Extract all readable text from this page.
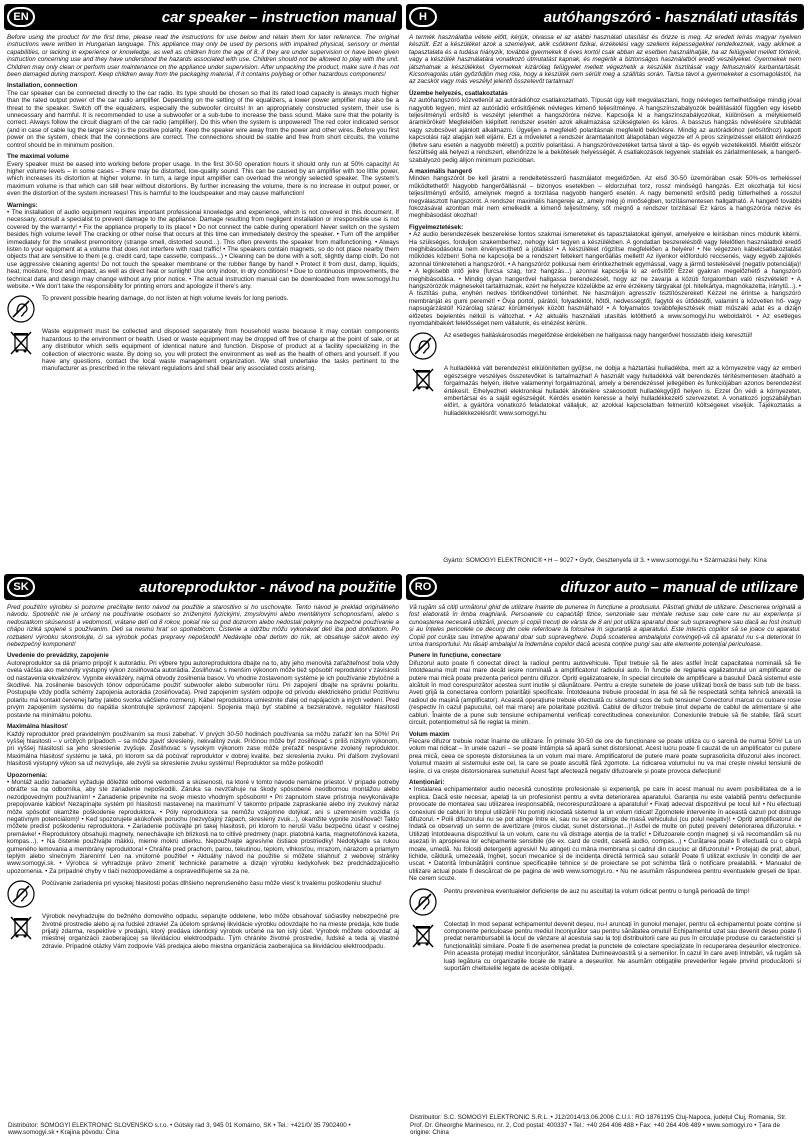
EN	car speaker – instruction manual

Before using the product for the first time, please read the instructions for use below and retain them for later reference. The original instructions were written in Hungarian language. This appliance may only be used by persons with impaired physical, sensory or mental capabilities, or lacking in experience or knowledge, as well as children from the age of 8, if they are under supervision or have been given instruction concerning use and they have understood the hazards associated with use. Children should not be allowed to play with the unit. Children may only clean or perform user maintenance on the appliance under supervision. After unpacking the product, make sure it has not been damaged during transport. Keep children away from the packaging material, if it contains polybag or other hazardous components!

Installation, connection
The car speaker can be connected directly to the car radio. Its type should be chosen so that its rated load capacity is always much higher than the rated output power of the car radio amplifier. Depending on the setting of the equalizers, a lower power amplifier may also be a threat to the speaker. Switch off the equalizers, especially the subwoofer circuits! In an appropriately constructed system, their use is unnecessary and harmful. It is recommended to use a subwoofer or a sub-tube to increase the bass sound. Make sure that the polarity is correct. Always follow the circuit diagram of the car radio (amplifier). Do this when the system is unpowered! The red color indicated sensor (and in case of cable lug the larger size) is the positive polarity. Keep the speaker wire away from the power and other wires. Before you first power on the system, check that the connections are correct. The connections should be stable and free from short circuits, the volume control should be in minimum position.
The maximal volume
Every speaker must be eased into working before proper usage. In the first 30-50 operation hours it should only run at 50% capacity! At higher volume levels – in some cases – there may be distorted, low-quality sound. This can be caused by an amplifier with too little power, which increases its distortion at higher volume. In turn, a large input amplifier can overload the wrongly selected speaker. The system's maximum volume is that which can still hear without distortions. By further increasing the volume, there is no increase in output power, or even the distortion of the system increases! This is harmful to the loudspeaker and may cause malfunction!
Warnings:
• The installation of audio equipment requires important professional knowledge and experience, which is not covered in this document. If necessary, consult a specialist to prevent damage to the appliance. Damage resulting from negligent installation or irresponsible use is not covered by the warranty! • Fix the appliance properly to its place! • Do not connect the cable during operation! Never switch on the system besides high volume level! The cracking or other noise that occurs at this time can immediately destroy the speaker. • Turn off the amplifier immediately for the smallest premonitory (strange smell, distorted sound...). This often prevents the speaker from malfunctioning. • Always listen to your equipment at a volume that does not interfere with road traffic! • The speakers contain magnets, so do not place nearby them objects that are sensitive to them (e.g. credit card, tape cassette, compass...) • Cleaning can be done with a soft, slightly damp cloth. Do not use aggressive cleaning agents! Do not touch the speaker membrane or the rubber flange by hand! • Protect it from dust, damp, liquids, heat, moisture, frost and impact, as well as direct heat or sunlight! Use only indoor, in dry conditions! • Due to continuous improvements, the technical data and design may change without any prior notice. • The actual instruction manual can be downloaded from www.somogyi.hu website. • We don't take the responsibility for printing errors and apologize if there's any.
To prevent possible hearing damage, do not listen at high volume levels for long periods.
Waste equipment must be collected and disposed separately from household waste because it may contain components hazardous to the environment or health. Used or waste equipment may be dropped off free of charge at the point of sale, or at any distributor which sells equipment of identical nature and function. Dispose of product at a facility specializing in the collection of electronic waste. By doing so, you will protect the environment as well as the health of others and yourself. If you have any questions, contact the local waste management organization. We shall undertake the tasks pertinent to the manufacturer as prescribed in the relevant regulations and shall bear any associated costs arising.
H	autóhangszóró - használati utasítás

A termék használatba vétele előtt, kérjük, olvassa el az alábbi használati utasítást és őrizze is meg. Az eredeti leírás magyar nyelven készült. Ezt a készüléket azok a személyek, akik csökkent fizikai, érzékelési vagy szellemi képességekkel rendelkeznek, vagy akiknek a tapasztalata és a tudása hiányzik, továbbá gyermekek 8 éves kortól csak abban az esetben használhatják, ha az felügyelet mellett történik, vagy a készülék használatára vonatkozó útmutatást kapnak, és megértik a biztonságos használatból eredő veszélyeket. Gyermekek nem játszhatnak a készülékkel. Gyermekek kizárólag felügyelet mellett végezhetik a készülék tisztítását vagy felhasználói karbantartását. Kicsomagolás után győződjön meg róla, hogy a készülék nem sérült meg a szállítás során. Tartsa távol a gyermekeket a csomagolástól, ha az zacskót vagy más veszélyt jelentő összetevőt tartalmaz!

Üzembe helyezés, csatlakoztatás
Az autóhangszóró közvetlenül az autórádióhoz csatlakoztatható. Típusát úgy kell megválasztani, hogy névleges terhelhetősége mindig jóval nagyobb legyen, mint az autórádió erősítőjének névleges kimenő teljesítménye. A hangszínszabályozók beállításától függően egy kisebb teljesítményű erősítő is veszélyt jelenthet a hangszóróra nézve. Kapcsolja ki a hangszínszabályozókat, különösen a mélykiemelő áramköröket! Megfelelően kiépített rendszer esetén azok alkalmazása szükségtelen és káros. A basszus hangzás növelésére szubládát vagy szubcsövet ajánlott alkalmazni. Ügyeljen a megfelelő polaritásnak megfelelő bekötésre. Mindig az autórádióhoz (erősítőhoz) kapott kapcsolási rajz alapján kell eljárni. Ezt a műveletet a rendszer áramtalanított állapotában végezze el! A piros színjelzéssel ellátott érintkező (illetve saru esetén a nagyobb méretű) a pozitív polaritású. A hangszóróvezetéket tartsa távol a táp- és egyéb vezetékektől. Mielőtt először feszültség alá helyezi a rendszert, ellenőrizze le a bekötések helyességét. A csatlakozások legyenek stabilak és zárlatmentesek, a hangerő-szabályozó pedig álljon minimum pozícióban.
A maximális hangerő
Minden hangszórót be kell járatni a rendeltetésszerű használatot megelőzően. Az első 30-50 üzemórában csak 50%-os terheléssel működtethető! Nagyobb hangerőállásnál – bizonyos esetekben – eldorzulhat torz, rossz minőségű hangzás. Ezt okozhatja túl kicsi teljesítményű erősítő, amelynek megnő a torzítása nagyobb hangerő esetén. A nagy bemenetű erősítő pedig túlterhelheti a rosszul megválasztott hangszórót. A rendszer maximális hangereje az, amely még jó minőségben, torzításmentesen hallgatható. A hangerő további fokozásával azonban már nem emelkedik a kimenő teljesítmény, sőt megnő a rendszer torzítása! Ez káros a hangszóróra nézve és meghibásodást okozhat!
Figyelmeztetések:
• Az audio berendezések beszerelése fontos szakmai ismereteket és tapasztalatokat igényel, amelyekre e leírásban nincs módunk kitérni. Ha szükséges, forduljon szakemberhez, nehogy kárt tegyen a készülékben. A gondatlan beszerelésből vagy felelőtlen használatból eredő meghibásodásokra nem érvényesíthető a jótállás! • A készüléket rögzítse megfelelően a helyére! • Ne végezzen kábelcsatlakoztatást működés közben! Soha ne kapcsolja be a rendszert feltekert hangerőállás mellett! Az ilyenkor előforduló reccsenés, vagy egyéb zajlókés azonnal tönkreteheti a hangszórót. • A hangszóróz polikusai nem érintkezhetnek egymással, vagy a jármű testelésével (negatív potenciálja)! • A legkisebb intő jelre (furcsa szag, torz hangzás...) azonnal kapcsolja ki az erősítőt! Ezzel gyakran megelőzhető a hangszóró meghibásodása. • Mindig olyan hangerővel hallgassa berendezését, hogy az ne zavarja a közúti forgalomban való részvételét! • A hangszórózók mágneseket tartalmaznak, ezért ne helyezze közelükbe az erre érzékeny tárgyakat (pl. hitelkártya, magnókazetta, iránytű...). • A tisztítás puha, enyhén nedves törlőkendővel történhet. Ne használjon agresszív tisztítószereket! Kézzel ne érintse a hangszóró membránját és gumi peremét! • Óvja portól, párától, folyadéktól, hőtől, nedvességtől, fagytól és ütődéstől, valamint a közvetlen hő- vagy napsugárzástól! Kizárólag száraz körülmények között használható! • A folyamatos továbbfejlesztések miatt műszaki adat és a dizájn előzetes bejelentés nélkül is változhat. • Az aktuális használati utasítás letölthető a www.somogyi.hu weboldalról. • Az esetleges nyomdahibákért felelősséget nem vállalunk, és elnézést kérünk.
Az esetleges halláskárosodás megelőzése érdekében ne hallgassa nagy hangerővel hosszabb ideig keresztül!
A hulladékká vált berendezést elkülönítetten gyűjtse, ne dobja a háztartási hulladékba, mert az a környezetre vagy az emberi egészségre veszélyes összetevőket is tartalmazhat! A használt vagy hulladékká vált berendezés térítésmentesen átadható a forgalmazás helyén, illetve valamennyi forgalmazónál, amely a berendezéssel jellegében és funkciójában azonos berendezést értékesít. Elhelyezheti elektronikai hulladék átvételére szakosodott hulladékgyűjtő helyen is. Ezzel Ön védi a környezetet, embertársai és a saját egészségét. Kérdés esetén keresse a helyi hulladékkezelő szervezetet. A vonatkozó jogszabályban előírt, a gyártóra vonatkozó feladatokat vállaljuk, az azokkal kapcsolatban felmerülő költségeket viseljük. Tájékoztatás a hulladékkezelésről: www.somogyi.hu
Gyártó: SOMOGYI ELEKTRONIC® • H – 9027 • Győr, Gesztenyefa út 3. • www.somogyi.hu • Származási hely: Kína
SK	autoreproduktor - návod na použitie

Pred použitím výrobku si pozorne prečítajte tento návod na použitie a starostlivo si ho uschovajte. Tento návod je preklad originálneho návodu. Spotrebič nie je určený na používanie osobami so zníženými fyzickými, zmyslovými alebo mentálnymi schopnosťami, alebo s nedostatkom skúseností a vedomostí, vrátane detí od 8 rokov, pokiaľ nie sú pod dozorom alebo nedostali pokyny na bezpečné používanie a chápu riziká spojené s používaním. Deti sa nesmú hrať so spotrebičom. Čistenie a údržbu môžu vykonávať deti iba pod dohľadom. Po rozbalení výrobku skontrolujte, či sa výrobok počas prepravy nepoškodil! Nedávajte obal deťom do rúk, ak obsahuje sáčok alebo iný nebezpečný komponent!

Uvedenie do prevádzky, zapojenie
Autoreproduktor sa dá priamo pripojiť k autorádiu. Pri výbere typu autoreproduktora dbajte na to, aby jeho menovitá zaťažiteľnosť bola vždy ovela väčšia ako menovitý výstupný výkon zosilňovača autorádia. Zosilňovač s menším výkonom môže tiež spôsobiť reproduktor v závislosti od nastavenia ekvalizérov. Vypnite ekvalizéry, najmä obvody zosilnenia basov. Vo vhodne zostavenom systéme je ich používanie zbytočné a škodlivé. Na zosilnenie basových tónov odporúčame použiť subwoofer alebo subwoofer rúru. Pri zapojení dbajte na správnu polaritu. Postupujte vždy podľa schémy zapojenia autorádia (zosilňovača). Pred zapojením systém odpojte od prívodu elektrického prúdu! Pozitívnu polaritu má kontakt červenej farby (alebo svorka väčšieho rozmeru). Kábel reproduktora umiestnite ďalej od napájacích a iných vedení. Pred prvým zapojením systému do napätia skontrolujte správnosť zapojení. Spojenia majú byť stabilné a bezskratové, regulátor hlasitosti postavte na minimálnu polohu.
Maximálna hlasitosť
Každý reproduktor pred pravidelným používaním sa musí zabehať. V prvých 30-50 hodinách používania sa môžu zaťažiť len na 50%! Pri vyššej hlasitosti – v určitých prípadoch – sa môže zjaviť skreslený, nekvalitný zvuk. Príčinou môže byť zosilňovač s príliš nízkym výkonom, pri vyššej hlasitosti sa jeho skreslenie zvyšuje. Zosilňovač s vysokým výkonom zase môže preťažiť nesprávne zvolený reproduktor. Maximálna hlasitosť systému je taká, pri ktorom sa dá počúvať reproduktor v dobrej kvalite, bez skreslenia zvuku. Pri ďalšom zvyšovaní hlasitosti výstupný výkon sa už nezvyšuje, ale zvýši sa skreslenie zvuku systému! Reproduktor sa môže poškodiť!
Upozornenia:
• Montáž audio zariadení vyžaduje dôležité odborné vedomosti a skúsenosti, na ktoré v tomto návode nemáme priestor. V prípade potreby obráťte sa na odborníka, aby ste zariadenie nepoškodili. Záruka sa nevzťahuje na škody spôsobené neodbornou montážou alebo nezodpovedným používaním! • Zariadenie pripevnite na svoje miesto vhodným spôsobom! • Pri zapnutom stave prístroja nevykonávajte prepojovanie káblov! Nezapínajte systém pri hlasitosti nastavenej na maximum! V takomto prípade zapraskanie alebo iný zvukový náraz môže spôsobiť okamžite poškodenie reproduktora. • Póly reproduktora sa nemôžu vzájomne dotýkať, ani s uzemnením vozidla (s negatívnym potenciálom)! • Keď spozorujete akúkoľvek poruchu (nezvyčajný zápach, skreslený zvuk...), okamžite vypnite zosilňovač! Takto môžete predísť poškodeniu reproduktora. • Zariadenie počúvajte pri takej hlasitosti, pri ktorom to neruší Vašu bezpečnú účasť v cestnej premávke! • Reproduktory obsahujú magnety, nenechávajte ich blízkosti na to citlivé predmety (napr. platobná karta, magnetofónová kazeta, kompas...). • Na čistenie používajte mäkkú, mierne mokrú utierku. Nepoužívajte agresívne čistiace prostriedky! Nedotýkajte sa rukou gumeného lemovania a membrány reproduktora! • Chráňte pred prachom, parou, tekutinou, teplom, vlhkosťou, mrazom, nárazom a priamym teplým alebo slnečným žiarením! Len na vnútorné použitie! • Aktuálny návod na použitie si môžete stiahnuť z webovej stránky www.somogyi.sk. • Výrobca si vyhradzuje právo zmeniť technické parametre a dizajn výrobku kedykoľvek bez predchádzajúceho upozornenia. • Za prípadné chyby v tlači nezodpovedáme a ospravedlňujeme sa za ne.
Počúvanie zariadenia pri vysokej hlasitosti počas dlhšieho neprerušeného času môže viesť k trvalému poškodeniu sluchu!
Výrobok nevyhadzujte do bežného domového odpadu, separujte oddelene, lebo môže obsahovať súčiastky nebezpečné pre životné prostredie alebo aj na ľudské zdravie! Za účelom správnej likvidácie výrobku odovzdajte ho na mieste predaja, kde bude prijatý zdarma, respektíve v predajni, ktorý predáva identický výrobok určené na ten istý účel. Výrobok môžete odovzdať aj miestnej organizácii zaoberajúcej sa likvidáciou elektroodpadu. Tým chránite životné prostredie, ľudské a teda aj vlastné zdravie. Prípadné otázky Vám zodpovie Váš predajca alebo miestna organizácia zaoberajúca sa likvidáciou elektroodpadu.
Distribútor: SOMOGYI ELEKTRONIC SLOVENSKO s.r.o. • Gútsky rad 3, 945 01 Komárno, SK • Tel.: +421/0/ 35 7902400 • www.somogyi.sk • Krajina pôvodu: Čína
RO	difuzor auto – manual de utilizare

Vă rugăm să citiți următorul ghid de utilizare înainte de punerea în funcțiune a produsului. Păstrați ghidul de utilizare. Descrierea originală a fost elaborată în limba maghiară. Persoanele cu capacități fizice, senzoriale sau mintale reduse sau cele care nu au experiența și cunoașterea necesară utilizării, precum și copiii trecuți de vârsta de 8 ani pot utiliza aparatul doar sub supraveghere sau dacă au fost instruiți și au înțeles pericolele ce decurg din cele referitoare la folosirea în siguranță a aparatului. Este interzis copiilor să se joace cu aparatul. Copiii pot curăța sau întreține aparatul doar sub supraveghere. După scoaterea ambalajului convingeți-vă că aparatul nu s-a deteriorat în urma transportului. Nu lăsați ambalajul la îndemâna copiilor dacă acesta conține pungi sau alte elemente potențial periculoase.

Punere în funcțiune, conectare
Difuzorul auto poate fi conectat direct la radioul pentru autovehicule. Tipul trebuie să fie ales astfel încât capacitatea nominală să fie întotdeauna mult mai mare decât ieșire nominală a amplificatorul radioului auto. În funcție de reglarea egalizatorului un amplificator de putere mai mică poate prezenta pericol pentru difuzor. Opriți egalizatoarele, în special circuitele de amplificare a basului! Dacă sistemul este alcătuit în mod corespunzător acestea sunt inutile și dăunătoare. Pentru a crește sunetele de joase utilizați boxă de bass sub tub de bass. Aveți grijă la conectarea conform polarității specificate. Întotdeauna trebuie procedat în așa fel să fie respectată schița tehnică anexată la radioul de mașină (amplificator). Această operațiune trebuie efectuată cu sistemul scos de sub tensiune! Conectorul marcat cu culoare roșie (respectiv în cazul papucului, cel mai mare) are polaritate pozitivă. Cablul de difuzor trebuie ținut departe de cablul de alimentare și alte cabluri. Înainte de a pune sub tensiune echipamentul verificați corectitudinea conexiunilor. Conexiunile trebuie să fie stabile, fără scurt circuit, potențiometrul să fie reglat la minim.
Volum maxim
Fiecare difuzor trebuie rodat înainte de utilizare. În primele 30-50 de ore de funcționare se poate utiliza cu o sarcină de numai 50%! La un volum mai ridicat – în unele cazuri – se poate întâmpla să apară sunet distorsionat. Acest lucru poate fi cauzat de un amplificator cu putere prea mică, ceea ce sporește distorsiunea la un volum mai mare. Amplificatorul de putere mare poate suprasolicita difuzorul ales incorect. Volumul maxim al sistemului este cel, la care se poate ascultă fără zgomote. La ridicarea volumului nu va mai crește nivelul tensiunii de ieșire, ci va crește distorsionarea sunetului! Acest fapt afectează negativ difuzoarele și poate provoca defecțiuni!
Atenționări:
• Instalarea echipamentelor audio necesită cunoștințe profesionale și experiență, pe care în acest manual nu avem posibilitatea de a le explica. Dacă este necesar, apelați la un profesionist pentru a evita deteriorarea aparatului. Garanția nu este valabilă pentru defecțiunile provocate de montarea sau utilizarea iresponsabilă, necorespunzătoare a aparatului! • Fixați adecvat dispozitivul pe locul lui! • Nu efectuați conexiuni de cabluri în timpul utilizării! Nu porniți niciodată sistemul la un volum ridicat! Zgomotele intervenite în această cazuri pot distruge difuzorul. • Polii difuzorului nu se pot atinge între ei, sau nu se vor atinge de masă vehiculului (cu polul negativ)! • Opriți amplificatorul de îndată ce observați un semn de avertizare (miros ciudat, sunet distorsionat...)! Astfel de multe ori puteți preveni deteriorarea difuzorului. • Utilizați întotdeauna dispozitivul la un volum, care nu vă distrage atenția de la trafic! • Difuzoarele conțin magneți și vă recomandăm să nu așezați în apropierea lor echipamente sensibile (de ex. card de credit, casetă audio, compas...) • Curățarea poate fi efectuată cu o cârpă moale, umedă. Nu folosiți detergenți agresivi! Nu atingeți cu mâna membrana și cadrul din cauciuc al difuzorului! • Protejați de praf, aburi, lichide, căldură, umezeală, îngheț, șocuri mecanice și de incidența directă termică sau solară! Poate fi utilizat exclusiv în condiții de aer uscat. • Datorită îmbunătățirii continue specificațiile tehnice și de proiectare se pot schimba fără o notificare prealabilă. • Manualul de utilizare actual poate fi descărcat de pe pagina de web www.somogyi.ro. • Nu ne asumăm răspunderea pentru eventualele greșeli de tipar. Ne cerem scuze.
Pentru prevenirea eventualelor deficiențe de auz nu ascultați la volum ridicat pentru o lungă perioadă de timp!
Colectați în mod separat echipamentul devenit deșeu, nu-l aruncați în gunoiul menajer, pentru că echipamentul poate conține și componente periculoase pentru mediul înconjurător sau pentru sănătatea omului! Echipamentul uzat sau devenit deșeu poate fi predat nerambursabil la locul de vânzare al acestuia sau la toți distribuitorii care au pus în circulație produse cu caracteristici și funcționalități similare. Poate fi de asemenea predat la punctele de colectare specializate în recuperarea deșeurilor electronice. Prin aceasta protejați mediul înconjurător, sănătatea Dumneavoastră și a semenilor. În cazul în care aveți întrebări, vă rugăm să luați legătura cu organizațiile locale de tratare a deșeurilor. Ne asumăm obligațiile prevederilor legale privind producătorii și suportăm cheltuielile legate de aceste obligații.
Distribuitor: S.C. SOMOGYI ELEKTRONIC S.R.L. • J12/2014/13.06.2006 C.U.I.: RO 18761195 Cluj-Napoca, județul Cluj, Romania, Str. Prof. Dr. Gheorghe Marinescu, nr. 2, Cod poștal: 400337 • Tel.: +40 264 406 488 • Fax: +40 264 406 489 • www.somogyi.ro • Țara de origine: China
